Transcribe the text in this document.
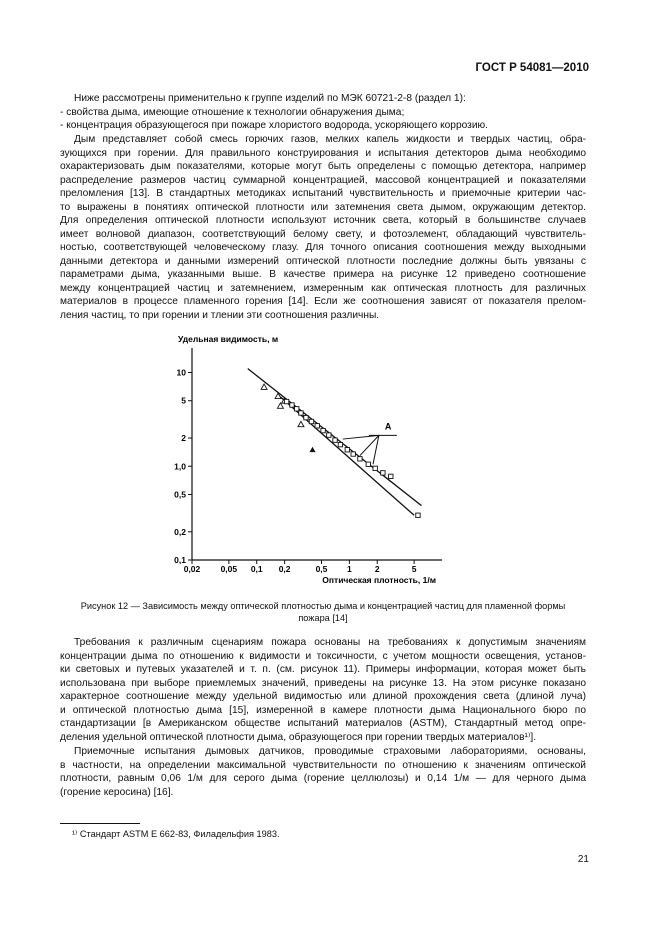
ГОСТ Р 54081—2010
Ниже рассмотрены применительно к группе изделий по МЭК 60721-2-8 (раздел 1):
- свойства дыма, имеющие отношение к технологии обнаружения дыма;
- концентрация образующегося при пожаре хлористого водорода, ускоряющего коррозию.
Дым представляет собой смесь горючих газов, мелких капель жидкости и твердых частиц, обра-
зующихся при горении. Для правильного конструирования и испытания детекторов дыма необходимо
охарактеризовать дым показателями, которые могут быть определены с помощью детектора, например
распределение размеров частиц суммарной концентрацией, массовой концентрацией и показателями
преломления [13]. В стандартных методиках испытаний чувствительность и приемочные критерии час-
то выражены в понятиях оптической плотности или затемнения света дымом, окружающим детектор.
Для определения оптической плотности используют источник света, который в большинстве случаев
имеет волновой диапазон, соответствующий белому свету, и фотоэлемент, обладающий чувствитель-
ностью, соответствующей человеческому глазу. Для точного описания соотношения между выходными
данными детектора и данными измерений оптической плотности последние должны быть увязаны с
параметрами дыма, указанными выше. В качестве примера на рисунке 12 приведено соотношение
между концентрацией частиц и затемнением, измеренным как оптическая плотность для различных
материалов в процессе пламенного горения [14]. Если же соотношения зависят от показателя прелом-
ления частиц, то при горении и тлении эти соотношения различны.
Удельная видимость, м
Оптическая плотность, 1/м
0,1
0,2
0,5
1,0
2
5
10
0,02 0,05 0,1 0,2	0,5 1	2	5
А
Рисунок 12 — Зависимость между оптической плотностью дыма и концентрацией частиц для пламенной формы
пожара [14]
Требования к различным сценариям пожара основаны на требованиях к допустимым значениям
концентрации дыма по отношению к видимости и токсичности, с учетом мощности освещения, установ-
ки световых и путевых указателей и т. п. (см. рисунок 11). Примеры информации, которая может быть
использована при выборе приемлемых значений, приведены на рисунке 13. На этом рисунке показано
характерное соотношение между удельной видимостью или длиной прохождения света (длиной луча)
и оптической плотностью дыма [15], измеренной в камере плотности дыма Национального бюро по
стандартизации [в Американском обществе испытаний материалов (ASTM), Стандартный метод опре-
деления удельной оптической плотности дыма, образующегося при горении твердых материалов¹⁾].
Приемочные испытания дымовых датчиков, проводимые страховыми лабораториями, основаны,
в частности, на определении максимальной чувствительности по отношению к значениям оптической
плотности, равным 0,06 1/м для серого дыма (горение целлюлозы) и 0,14 1/м — для черного дыма
(горение керосина) [16].
¹⁾ Стандарт ASTM E 662-83, Филадельфия 1983.
21
